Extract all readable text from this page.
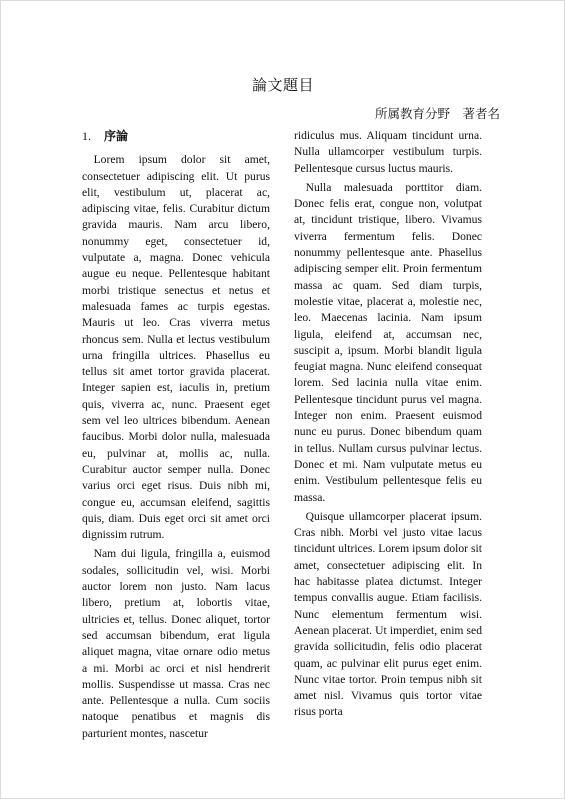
論文題目
所属教育分野　著者名
1. 序論

Lorem ipsum dolor sit amet, consectetuer adipiscing elit. Ut purus elit, vestibulum ut, placerat ac, adipiscing vitae, felis. Curabitur dictum gravida mauris. Nam arcu libero, nonummy eget, consectetuer id, vulputate a, magna. Donec vehicula augue eu neque. Pellentesque habitant morbi tristique senectus et netus et malesuada fames ac turpis egestas. Mauris ut leo. Cras viverra metus rhoncus sem. Nulla et lectus vestibulum urna fringilla ultrices. Phasellus eu tellus sit amet tortor gravida placerat. Integer sapien est, iaculis in, pretium quis, viverra ac, nunc. Praesent eget sem vel leo ultrices bibendum. Aenean faucibus. Morbi dolor nulla, malesuada eu, pulvinar at, mollis ac, nulla. Curabitur auctor semper nulla. Donec varius orci eget risus. Duis nibh mi, congue eu, accumsan eleifend, sagittis quis, diam. Duis eget orci sit amet orci dignissim rutrum.

Nam dui ligula, fringilla a, euismod sodales, sollicitudin vel, wisi. Morbi auctor lorem non justo. Nam lacus libero, pretium at, lobortis vitae, ultricies et, tellus. Donec aliquet, tortor sed accumsan bibendum, erat ligula aliquet magna, vitae ornare odio metus a mi. Morbi ac orci et nisl hendrerit mollis. Suspendisse ut massa. Cras nec ante. Pellentesque a nulla. Cum sociis natoque penatibus et magnis dis parturient montes, nascetur

ridiculus mus. Aliquam tincidunt urna. Nulla ullamcorper vestibulum turpis. Pellentesque cursus luctus mauris.

Nulla malesuada porttitor diam. Donec felis erat, congue non, volutpat at, tincidunt tristique, libero. Vivamus viverra fermentum felis. Donec nonummy pellentesque ante. Phasellus adipiscing semper elit. Proin fermentum massa ac quam. Sed diam turpis, molestie vitae, placerat a, molestie nec, leo. Maecenas lacinia. Nam ipsum ligula, eleifend at, accumsan nec, suscipit a, ipsum. Morbi blandit ligula feugiat magna. Nunc eleifend consequat lorem. Sed lacinia nulla vitae enim. Pellentesque tincidunt purus vel magna. Integer non enim. Praesent euismod nunc eu purus. Donec bibendum quam in tellus. Nullam cursus pulvinar lectus. Donec et mi. Nam vulputate metus eu enim. Vestibulum pellentesque felis eu massa.

Quisque ullamcorper placerat ipsum. Cras nibh. Morbi vel justo vitae lacus tincidunt ultrices. Lorem ipsum dolor sit amet, consectetuer adipiscing elit. In hac habitasse platea dictumst. Integer tempus convallis augue. Etiam facilisis. Nunc elementum fermentum wisi. Aenean placerat. Ut imperdiet, enim sed gravida sollicitudin, felis odio placerat quam, ac pulvinar elit purus eget enim. Nunc vitae tortor. Proin tempus nibh sit amet nisl. Vivamus quis tortor vitae risus porta
